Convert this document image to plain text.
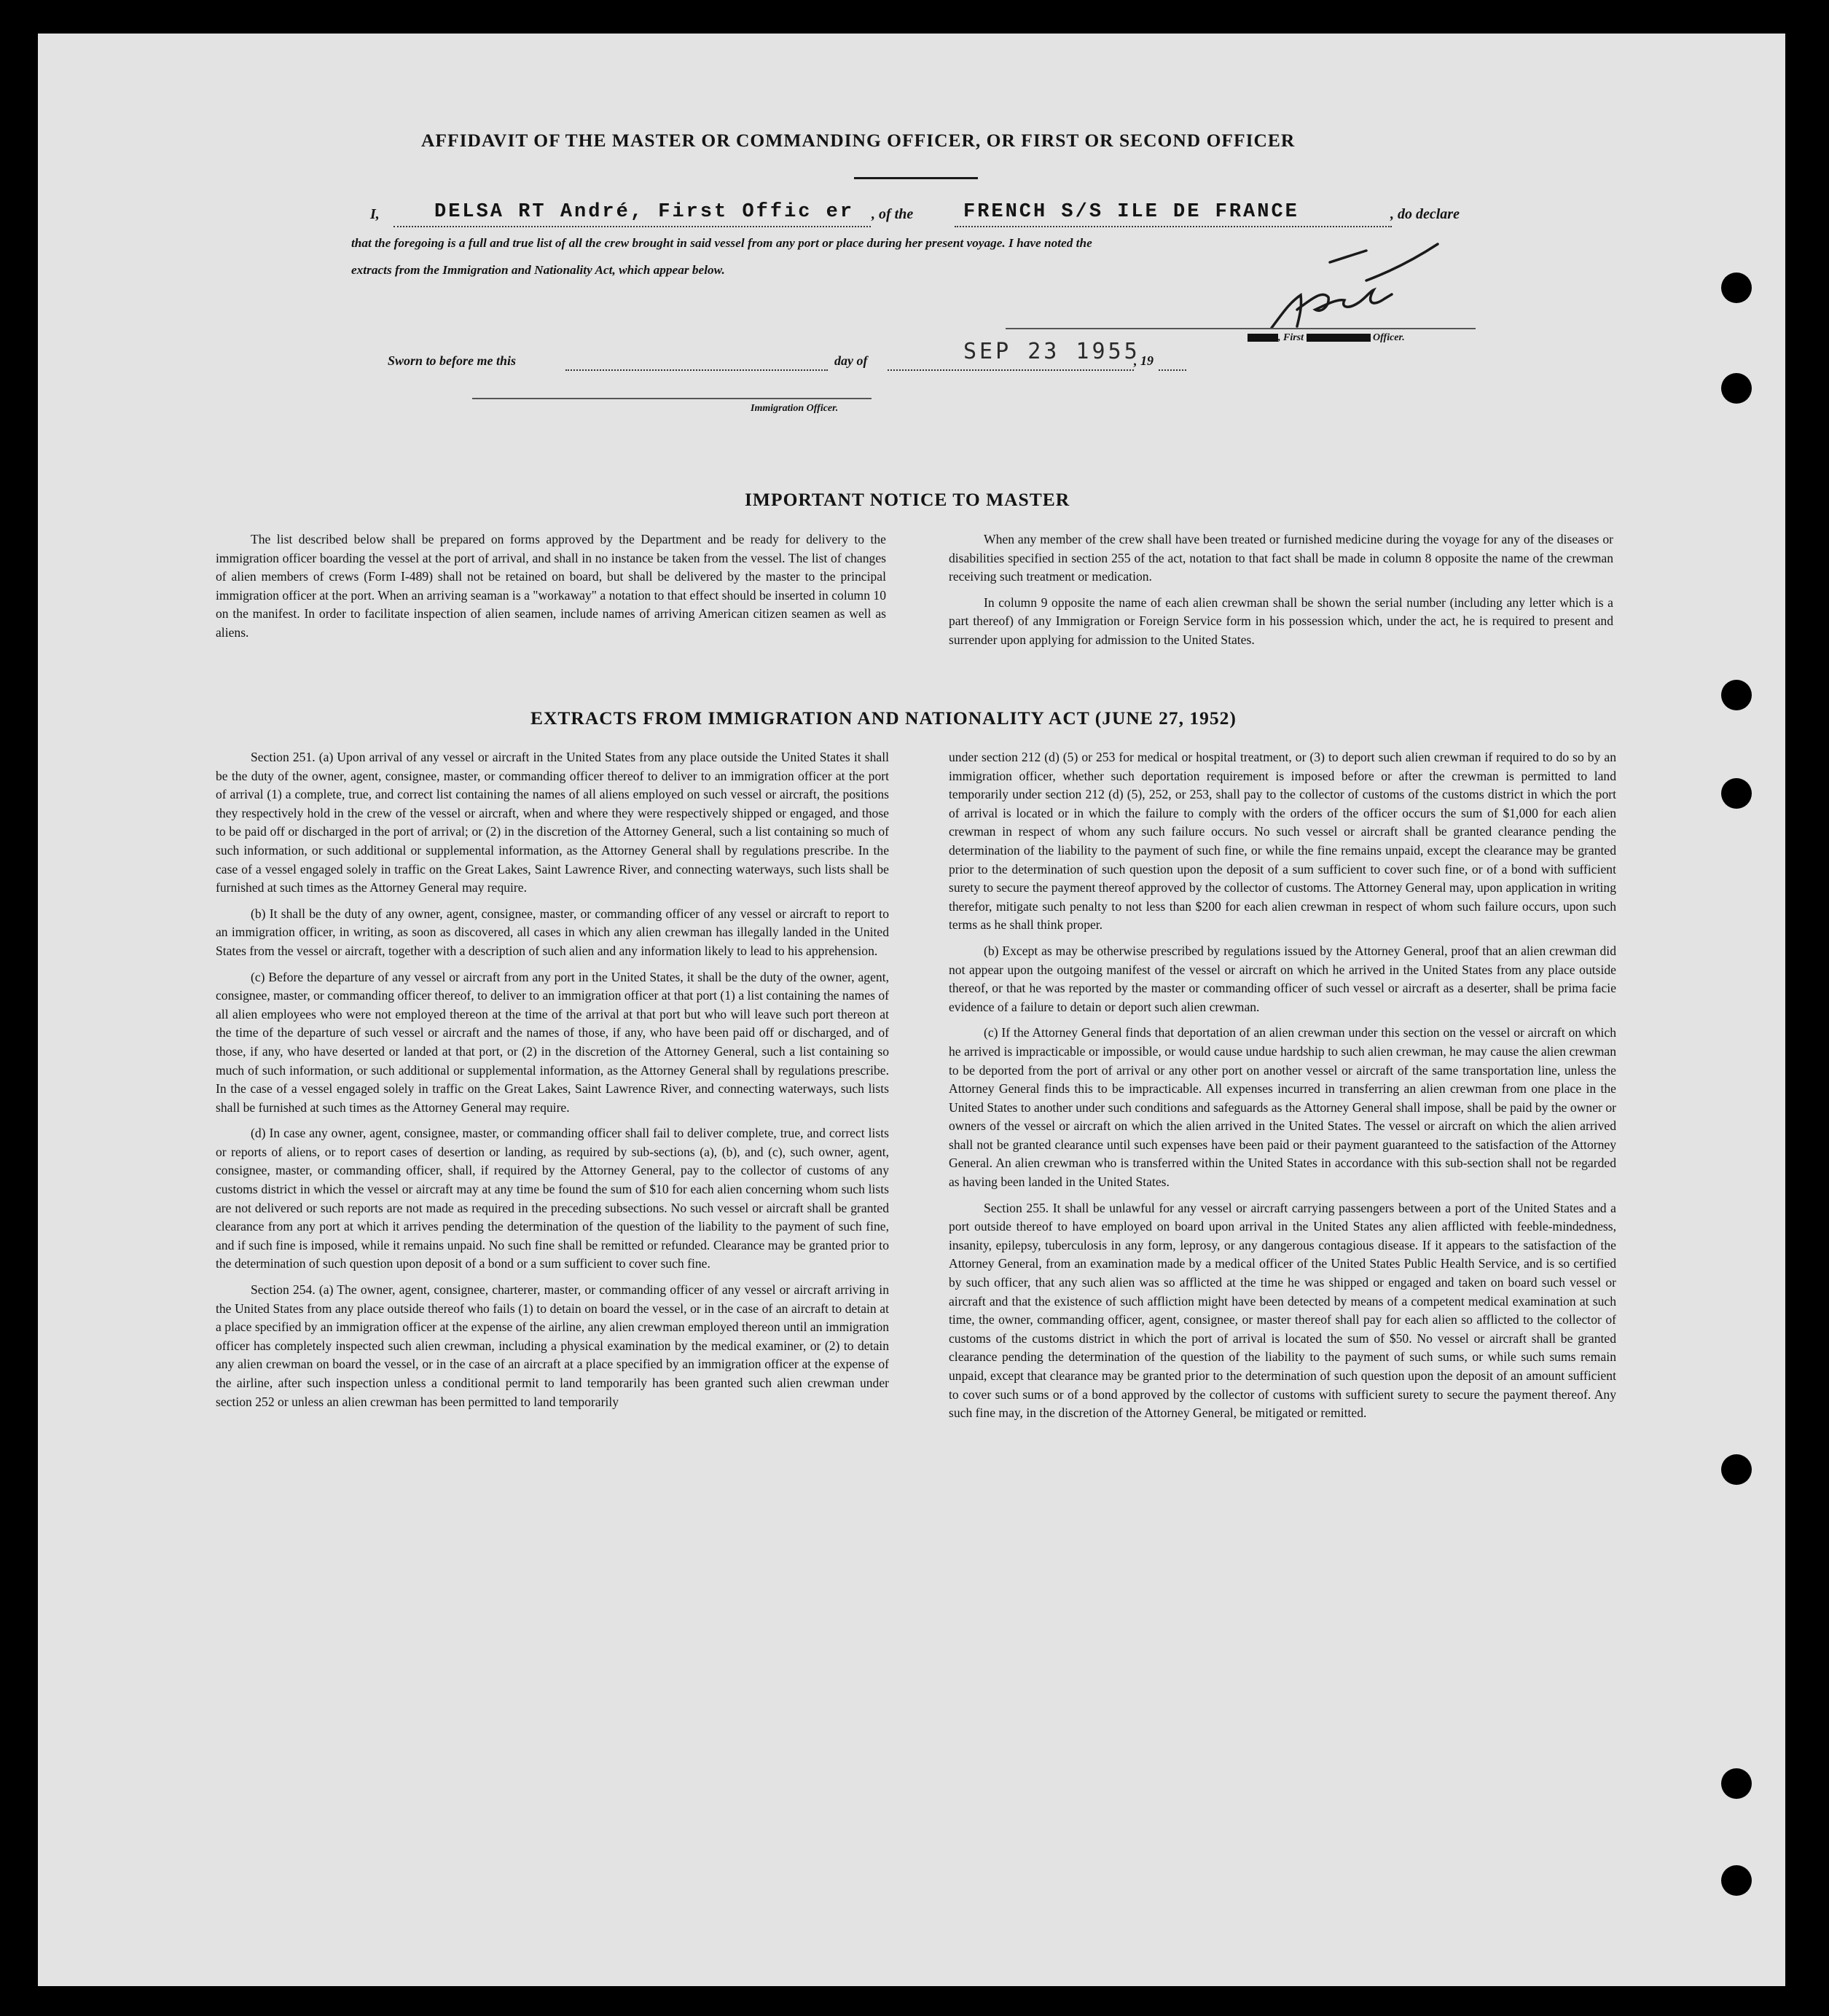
AFFIDAVIT OF THE MASTER OR COMMANDING OFFICER, OR FIRST OR SECOND OFFICER
I,	DELSA RT André, First Offic er , of the	FRENCH S/S ILE DE FRANCE	, do declare
that the foregoing is a full and true list of all the crew brought in said vessel from any port or place during her present voyage. I have noted the
extracts from the Immigration and Nationality Act, which appear below.
, First	Officer.
Sworn to before me this	day of	SEP 23 1955
, 19
Immigration Officer.
IMPORTANT NOTICE TO MASTER

The list described below shall be prepared on forms approved by the Department and be ready for delivery to the immigration officer boarding the vessel at the port of arrival, and shall in no instance be taken from the vessel. The list of changes of alien members of crews (Form I-489) shall not be retained on board, but shall be delivered by the master to the principal immigration officer at the port. When an arriving seaman is a "workaway" a notation to that effect should be inserted in column 10 on the manifest. In order to facilitate inspection of alien seamen, include names of arriving American citizen seamen as well as aliens.

When any member of the crew shall have been treated or furnished medicine during the voyage for any of the diseases or disabilities specified in section 255 of the act, notation to that fact shall be made in column 8 opposite the name of the crewman receiving such treatment or medication.

In column 9 opposite the name of each alien crewman shall be shown the serial number (including any letter which is a part thereof) of any Immigration or Foreign Service form in his possession which, under the act, he is required to present and surrender upon applying for admission to the United States.

EXTRACTS FROM IMMIGRATION AND NATIONALITY ACT (JUNE 27, 1952)

Section 251. (a) Upon arrival of any vessel or aircraft in the United States from any place outside the United States it shall be the duty of the owner, agent, consignee, master, or commanding officer thereof to deliver to an immigration officer at the port of arrival (1) a complete, true, and correct list containing the names of all aliens employed on such vessel or aircraft, the positions they respectively hold in the crew of the vessel or aircraft, when and where they were respectively shipped or engaged, and those to be paid off or discharged in the port of arrival; or (2) in the discretion of the Attorney General, such a list containing so much of such information, or such additional or supplemental information, as the Attorney General shall by regulations prescribe. In the case of a vessel engaged solely in traffic on the Great Lakes, Saint Lawrence River, and connecting waterways, such lists shall be furnished at such times as the Attorney General may require.

(b) It shall be the duty of any owner, agent, consignee, master, or commanding officer of any vessel or aircraft to report to an immigration officer, in writing, as soon as discovered, all cases in which any alien crewman has illegally landed in the United States from the vessel or aircraft, together with a description of such alien and any information likely to lead to his apprehension.

(c) Before the departure of any vessel or aircraft from any port in the United States, it shall be the duty of the owner, agent, consignee, master, or commanding officer thereof, to deliver to an immigration officer at that port (1) a list containing the names of all alien employees who were not employed thereon at the time of the arrival at that port but who will leave such port thereon at the time of the departure of such vessel or aircraft and the names of those, if any, who have been paid off or discharged, and of those, if any, who have deserted or landed at that port, or (2) in the discretion of the Attorney General, such a list containing so much of such information, or such additional or supplemental information, as the Attorney General shall by regulations prescribe. In the case of a vessel engaged solely in traffic on the Great Lakes, Saint Lawrence River, and connecting waterways, such lists shall be furnished at such times as the Attorney General may require.

(d) In case any owner, agent, consignee, master, or commanding officer shall fail to deliver complete, true, and correct lists or reports of aliens, or to report cases of desertion or landing, as required by sub-sections (a), (b), and (c), such owner, agent, consignee, master, or commanding officer, shall, if required by the Attorney General, pay to the collector of customs of any customs district in which the vessel or aircraft may at any time be found the sum of $10 for each alien concerning whom such lists are not delivered or such reports are not made as required in the preceding subsections. No such vessel or aircraft shall be granted clearance from any port at which it arrives pending the determination of the question of the liability to the payment of such fine, and if such fine is imposed, while it remains unpaid. No such fine shall be remitted or refunded. Clearance may be granted prior to the determination of such question upon deposit of a bond or a sum sufficient to cover such fine.

Section 254. (a) The owner, agent, consignee, charterer, master, or commanding officer of any vessel or aircraft arriving in the United States from any place outside thereof who fails (1) to detain on board the vessel, or in the case of an aircraft to detain at a place specified by an immigration officer at the expense of the airline, any alien crewman employed thereon until an immigration officer has completely inspected such alien crewman, including a physical examination by the medical examiner, or (2) to detain any alien crewman on board the vessel, or in the case of an aircraft at a place specified by an immigration officer at the expense of the airline, after such inspection unless a conditional permit to land temporarily has been granted such alien crewman under section 252 or unless an alien crewman has been permitted to land temporarily

under section 212 (d) (5) or 253 for medical or hospital treatment, or (3) to deport such alien crewman if required to do so by an immigration officer, whether such deportation requirement is imposed before or after the crewman is permitted to land temporarily under section 212 (d) (5), 252, or 253, shall pay to the collector of customs of the customs district in which the port of arrival is located or in which the failure to comply with the orders of the officer occurs the sum of $1,000 for each alien crewman in respect of whom any such failure occurs. No such vessel or aircraft shall be granted clearance pending the determination of the liability to the payment of such fine, or while the fine remains unpaid, except the clearance may be granted prior to the determination of such question upon the deposit of a sum sufficient to cover such fine, or of a bond with sufficient surety to secure the payment thereof approved by the collector of customs. The Attorney General may, upon application in writing therefor, mitigate such penalty to not less than $200 for each alien crewman in respect of whom such failure occurs, upon such terms as he shall think proper.

(b) Except as may be otherwise prescribed by regulations issued by the Attorney General, proof that an alien crewman did not appear upon the outgoing manifest of the vessel or aircraft on which he arrived in the United States from any place outside thereof, or that he was reported by the master or commanding officer of such vessel or aircraft as a deserter, shall be prima facie evidence of a failure to detain or deport such alien crewman.

(c) If the Attorney General finds that deportation of an alien crewman under this section on the vessel or aircraft on which he arrived is impracticable or impossible, or would cause undue hardship to such alien crewman, he may cause the alien crewman to be deported from the port of arrival or any other port on another vessel or aircraft of the same transportation line, unless the Attorney General finds this to be impracticable. All expenses incurred in transferring an alien crewman from one place in the United States to another under such conditions and safeguards as the Attorney General shall impose, shall be paid by the owner or owners of the vessel or aircraft on which the alien arrived in the United States. The vessel or aircraft on which the alien arrived shall not be granted clearance until such expenses have been paid or their payment guaranteed to the satisfaction of the Attorney General. An alien crewman who is transferred within the United States in accordance with this sub-section shall not be regarded as having been landed in the United States.

Section 255. It shall be unlawful for any vessel or aircraft carrying passengers between a port of the United States and a port outside thereof to have employed on board upon arrival in the United States any alien afflicted with feeble-mindedness, insanity, epilepsy, tuberculosis in any form, leprosy, or any dangerous contagious disease. If it appears to the satisfaction of the Attorney General, from an examination made by a medical officer of the United States Public Health Service, and is so certified by such officer, that any such alien was so afflicted at the time he was shipped or engaged and taken on board such vessel or aircraft and that the existence of such affliction might have been detected by means of a competent medical examination at such time, the owner, commanding officer, agent, consignee, or master thereof shall pay for each alien so afflicted to the collector of customs of the customs district in which the port of arrival is located the sum of $50. No vessel or aircraft shall be granted clearance pending the determination of the question of the liability to the payment of such sums, or while such sums remain unpaid, except that clearance may be granted prior to the determination of such question upon the deposit of an amount sufficient to cover such sums or of a bond approved by the collector of customs with sufficient surety to secure the payment thereof. Any such fine may, in the discretion of the Attorney General, be mitigated or remitted.
